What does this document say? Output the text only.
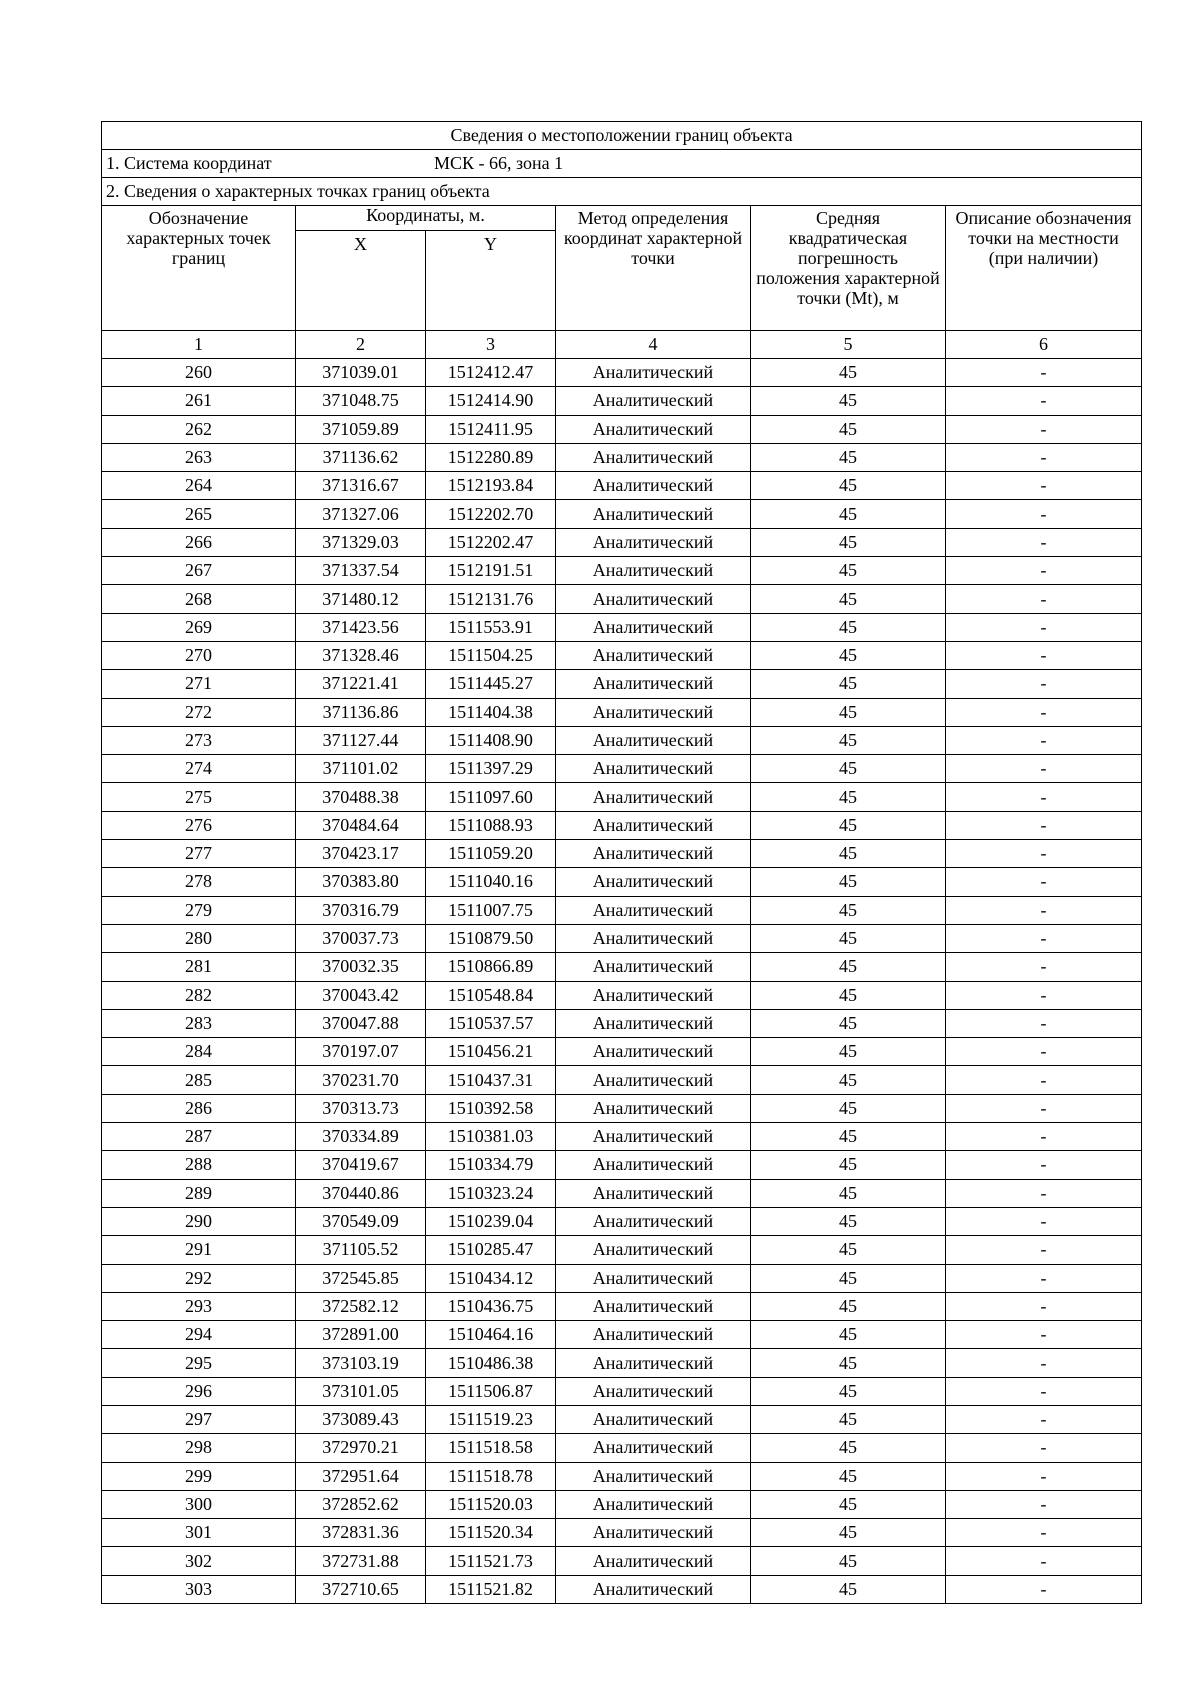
Сведения о местоположении границ объекта					
1. Система координат МСК - 66, зона 1					
2. Сведения о характерных точках границ объекта					
Обозначение характерных точек границ	Координаты, м.		Метод определения координат характерной точки	Средняя квадратическая погрешность положения характерной точки (Mt), м	Описание обозначения точки на местности (при наличии)
	X	Y			
1	2	3	4	5	6
260	371039.01	1512412.47	Аналитический	45	-
261	371048.75	1512414.90	Аналитический	45	-
262	371059.89	1512411.95	Аналитический	45	-
263	371136.62	1512280.89	Аналитический	45	-
264	371316.67	1512193.84	Аналитический	45	-
265	371327.06	1512202.70	Аналитический	45	-
266	371329.03	1512202.47	Аналитический	45	-
267	371337.54	1512191.51	Аналитический	45	-
268	371480.12	1512131.76	Аналитический	45	-
269	371423.56	1511553.91	Аналитический	45	-
270	371328.46	1511504.25	Аналитический	45	-
271	371221.41	1511445.27	Аналитический	45	-
272	371136.86	1511404.38	Аналитический	45	-
273	371127.44	1511408.90	Аналитический	45	-
274	371101.02	1511397.29	Аналитический	45	-
275	370488.38	1511097.60	Аналитический	45	-
276	370484.64	1511088.93	Аналитический	45	-
277	370423.17	1511059.20	Аналитический	45	-
278	370383.80	1511040.16	Аналитический	45	-
279	370316.79	1511007.75	Аналитический	45	-
280	370037.73	1510879.50	Аналитический	45	-
281	370032.35	1510866.89	Аналитический	45	-
282	370043.42	1510548.84	Аналитический	45	-
283	370047.88	1510537.57	Аналитический	45	-
284	370197.07	1510456.21	Аналитический	45	-
285	370231.70	1510437.31	Аналитический	45	-
286	370313.73	1510392.58	Аналитический	45	-
287	370334.89	1510381.03	Аналитический	45	-
288	370419.67	1510334.79	Аналитический	45	-
289	370440.86	1510323.24	Аналитический	45	-
290	370549.09	1510239.04	Аналитический	45	-
291	371105.52	1510285.47	Аналитический	45	-
292	372545.85	1510434.12	Аналитический	45	-
293	372582.12	1510436.75	Аналитический	45	-
294	372891.00	1510464.16	Аналитический	45	-
295	373103.19	1510486.38	Аналитический	45	-
296	373101.05	1511506.87	Аналитический	45	-
297	373089.43	1511519.23	Аналитический	45	-
298	372970.21	1511518.58	Аналитический	45	-
299	372951.64	1511518.78	Аналитический	45	-
300	372852.62	1511520.03	Аналитический	45	-
301	372831.36	1511520.34	Аналитический	45	-
302	372731.88	1511521.73	Аналитический	45	-
303	372710.65	1511521.82	Аналитический	45	-
